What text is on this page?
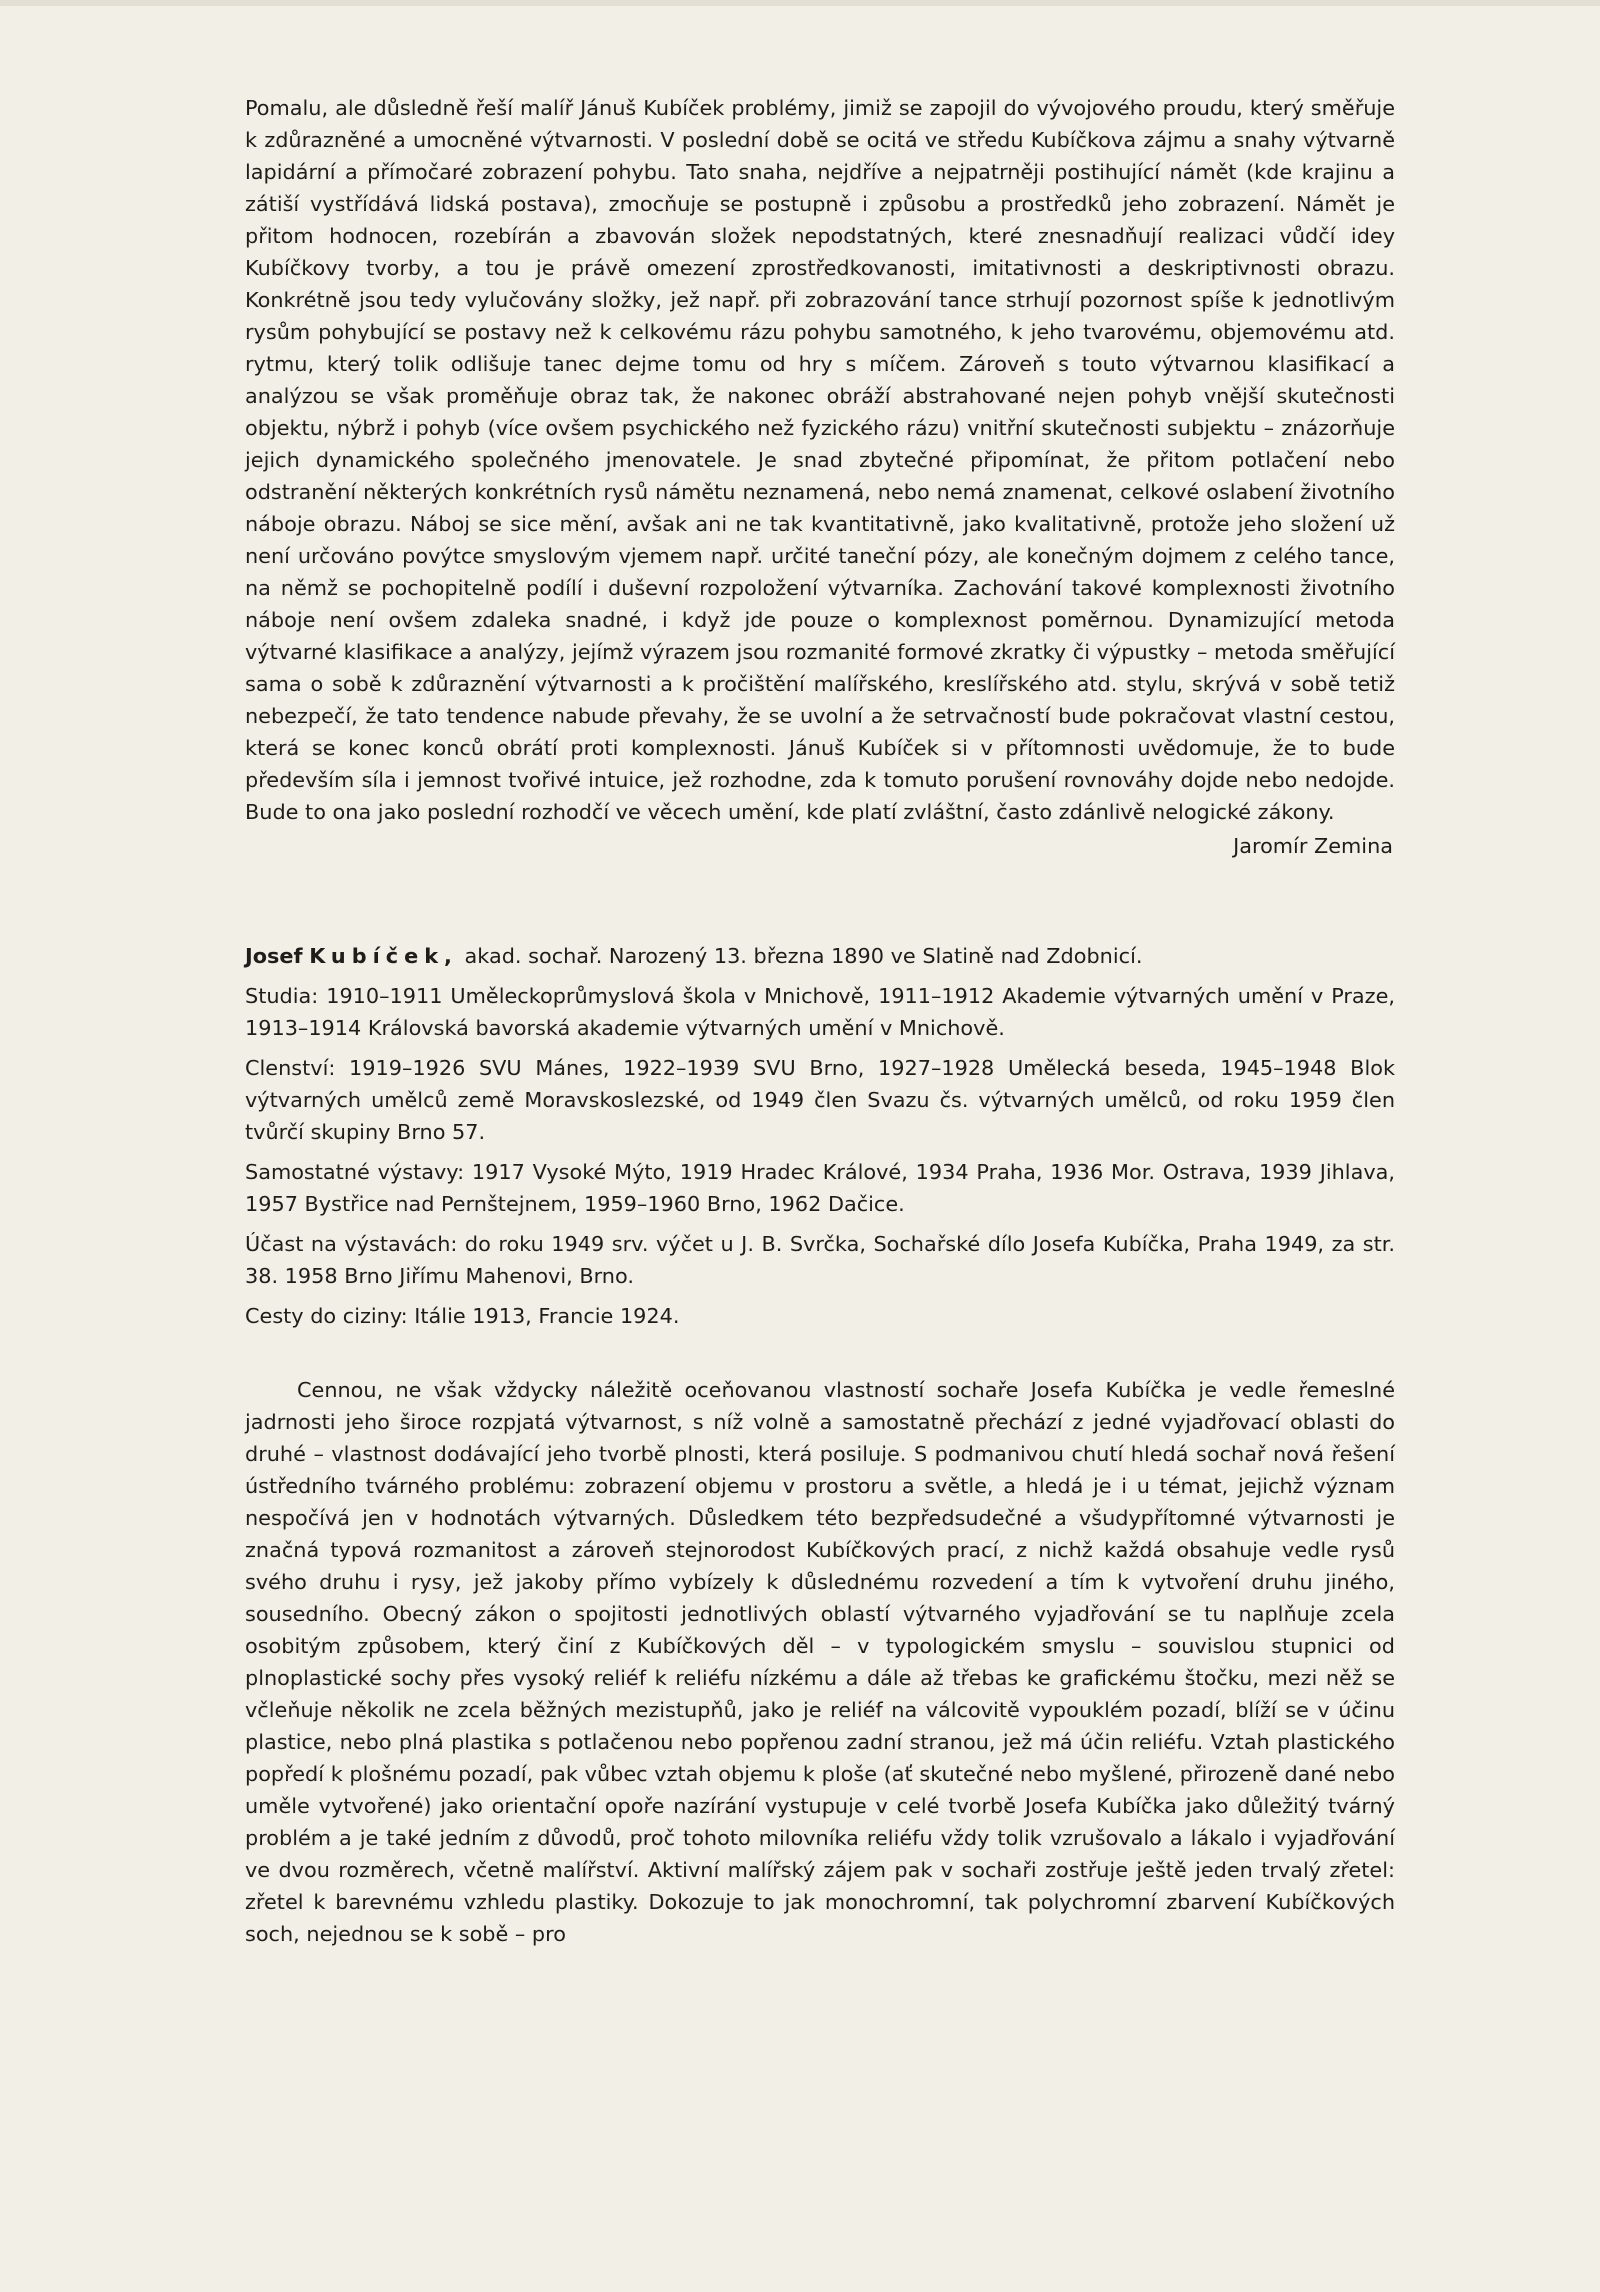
Pomalu, ale důsledně řeší malíř Jánuš Kubíček problémy, jimiž se zapojil do vývojového proudu, který směřuje k zdůrazněné a umocněné výtvarnosti. V poslední době se ocitá ve středu Kubíčkova zájmu a snahy výtvarně lapidární a přímočaré zobrazení pohybu. Tato snaha, nejdříve a nejpatrněji postihující námět (kde krajinu a zátiší vystřídává lidská postava), zmocňuje se postupně i způsobu a prostředků jeho zobrazení. Námět je přitom hodnocen, rozebírán a zbavován složek nepodstatných, které znesnadňují realizaci vůdčí idey Kubíčkovy tvorby, a tou je právě omezení zprostředkovanosti, imitativnosti a deskriptivnosti obrazu. Konkrétně jsou tedy vylučovány složky, jež např. při zobrazování tance strhují pozornost spíše k jednotlivým rysům pohybující se postavy než k celkovému rázu pohybu samotného, k jeho tvarovému, objemovému atd. rytmu, který tolik odlišuje tanec dejme tomu od hry s míčem. Zároveň s touto výtvarnou klasifikací a analýzou se však proměňuje obraz tak, že nakonec obráží abstrahované nejen pohyb vnější skutečnosti objektu, nýbrž i pohyb (více ovšem psychického než fyzického rázu) vnitřní skutečnosti subjektu – znázorňuje jejich dynamického společného jmenovatele. Je snad zbytečné připomínat, že přitom potlačení nebo odstranění některých konkrétních rysů námětu neznamená, nebo nemá znamenat, celkové oslabení životního náboje obrazu. Náboj se sice mění, avšak ani ne tak kvantitativně, jako kvalitativně, protože jeho složení už není určováno povýtce smyslovým vjemem např. určité taneční pózy, ale konečným dojmem z celého tance, na němž se pochopitelně podílí i duševní rozpoložení výtvarníka. Zachování takové komplexnosti životního náboje není ovšem zdaleka snadné, i když jde pouze o komplexnost poměrnou. Dynamizující metoda výtvarné klasifikace a analýzy, jejímž výrazem jsou rozmanité formové zkratky či výpustky – metoda směřující sama o sobě k zdůraznění výtvarnosti a k pročištění malířského, kreslířského atd. stylu, skrývá v sobě tetiž nebezpečí, že tato tendence nabude převahy, že se uvolní a že setrvačností bude pokračovat vlastní cestou, která se konec konců obrátí proti komplexnosti. Jánuš Kubíček si v přítomnosti uvědomuje, že to bude především síla i jemnost tvořivé intuice, jež rozhodne, zda k tomuto porušení rovnováhy dojde nebo nedojde. Bude to ona jako poslední rozhodčí ve věcech umění, kde platí zvláštní, často zdánlivě nelogické zákony.

Jaromír Zemina

Josef Kubíček, akad. sochař. Narozený 13. března 1890 ve Slatině nad Zdobnicí.

Studia: 1910–1911 Uměleckoprůmyslová škola v Mnichově, 1911–1912 Akademie výtvarných umění v Praze, 1913–1914 Královská bavorská akademie výtvarných umění v Mnichově.

Clenství: 1919–1926 SVU Mánes, 1922–1939 SVU Brno, 1927–1928 Umělecká beseda, 1945–1948 Blok výtvarných umělců země Moravskoslezské, od 1949 člen Svazu čs. výtvarných umělců, od roku 1959 člen tvůrčí skupiny Brno 57.

Samostatné výstavy: 1917 Vysoké Mýto, 1919 Hradec Králové, 1934 Praha, 1936 Mor. Ostrava, 1939 Jihlava, 1957 Bystřice nad Pernštejnem, 1959–1960 Brno, 1962 Dačice.

Účast na výstavách: do roku 1949 srv. výčet u J. B. Svrčka, Sochařské dílo Josefa Kubíčka, Praha 1949, za str. 38. 1958 Brno Jiřímu Mahenovi, Brno.

Cesty do ciziny: Itálie 1913, Francie 1924.

Cennou, ne však vždycky náležitě oceňovanou vlastností sochaře Josefa Kubíčka je vedle řemeslné jadrnosti jeho široce rozpjatá výtvarnost, s níž volně a samostatně přechází z jedné vyjadřovací oblasti do druhé – vlastnost dodávající jeho tvorbě plnosti, která posiluje. S podmanivou chutí hledá sochař nová řešení ústředního tvárného problému: zobrazení objemu v prostoru a světle, a hledá je i u témat, jejichž význam nespočívá jen v hodnotách výtvarných. Důsledkem této bezpředsudečné a všudypřítomné výtvarnosti je značná typová rozmanitost a zároveň stejnorodost Kubíčkových prací, z nichž každá obsahuje vedle rysů svého druhu i rysy, jež jakoby přímo vybízely k důslednému rozvedení a tím k vytvoření druhu jiného, sousedního. Obecný zákon o spojitosti jednotlivých oblastí výtvarného vyjadřování se tu naplňuje zcela osobitým způsobem, který činí z Kubíčkových děl – v typologickém smyslu – souvislou stupnici od plnoplastické sochy přes vysoký reliéf k reliéfu nízkému a dále až třebas ke grafickému štočku, mezi něž se včleňuje několik ne zcela běžných mezistupňů, jako je reliéf na válcovitě vypouklém pozadí, blíží se v účinu plastice, nebo plná plastika s potlačenou nebo popřenou zadní stranou, jež má účin reliéfu. Vztah plastického popředí k plošnému pozadí, pak vůbec vztah objemu k ploše (ať skutečné nebo myšlené, přirozeně dané nebo uměle vytvořené) jako orientační opoře nazírání vystupuje v celé tvorbě Josefa Kubíčka jako důležitý tvárný problém a je také jedním z důvodů, proč tohoto milovníka reliéfu vždy tolik vzrušovalo a lákalo i vyjadřování ve dvou rozměrech, včetně malířství. Aktivní malířský zájem pak v sochaři zostřuje ještě jeden trvalý zřetel: zřetel k barevnému vzhledu plastiky. Dokozuje to jak monochromní, tak polychromní zbarvení Kubíčkových soch, nejednou se k sobě – pro
